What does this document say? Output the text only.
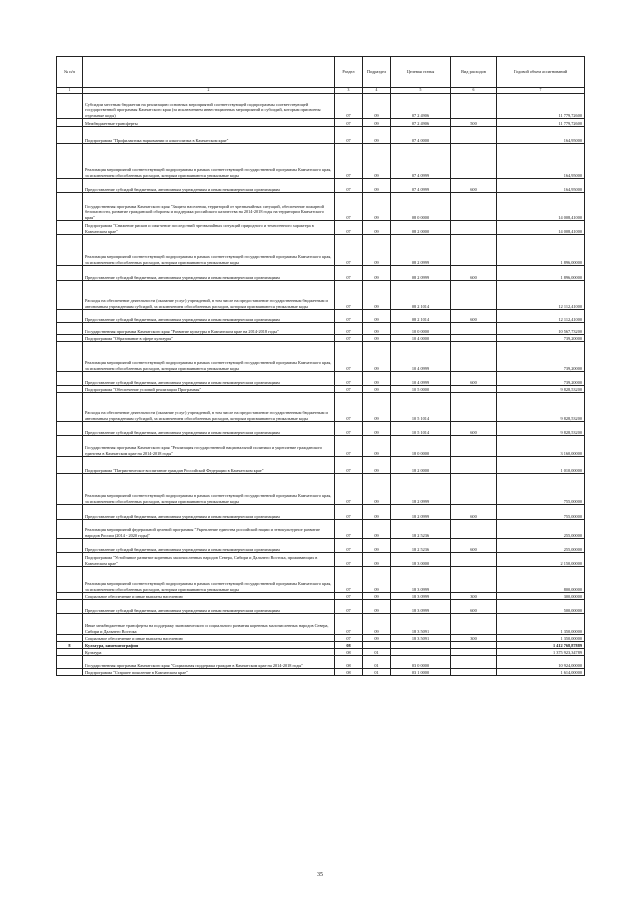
№ п/п		Раздел	Подраздел	Целевая статья	Вид расходов	Годовой объем ассигнований
1	2	3	4	5	6	7
	Субсидии местным бюджетам на реализацию основных мероприятий соответствующей подпрограммы соответствующей государственной программы Камчатского края (за исключением инвестиционных мероприятий и субсидий, которым присвоены отдельные коды)	07	09	07 2 4906		11 779,72600
	Межбюджетные трансферты	07	09	07 2 4906	500	11 779,72600
	Подпрограмма "Профилактика наркомании и алкоголизма в Камчатском крае"	07	09	07 4 0000		164,95000
	Реализация мероприятий соответствующей подпрограммы в рамках соответствующей государственной программы Камчатского края, за исключением обособленных расходов, которым присваиваются уникальные коды	07	09	07 4 0999		164,95000
	Предоставление субсидий бюджетным, автономным учреждениям и иным некоммерческим организациям	07	09	07 4 0999	600	164,95000
	Государственная программа Камчатского края "Защита населения, территорий от чрезвычайных ситуаций, обеспечение пожарной безопасности, развитие гражданской обороны и поддержка российского казачества на 2014-2018 годы на территории Камчатского края"	07	09	08 0 0000		14 008,41000
	Подпрограмма "Снижение рисков и смягчение последствий чрезвычайных ситуаций природного и техногенного характера в Камчатском крае"	07	09	08 2 0000		14 008,41000
	Реализация мероприятий соответствующей подпрограммы в рамках соответствующей государственной программы Камчатского края, за исключением обособленных расходов, которым присваиваются уникальные коды	07	09	08 2 0999		1 896,00000
	Предоставление субсидий бюджетным, автономным учреждениям и иным некоммерческим организациям	07	09	08 2 0999	600	1 896,00000
	Расходы на обеспечение деятельности (оказание услуг) учреждений, в том числе на предоставление государственным бюджетным и автономным учреждениям субсидий, за исключением обособленных расходов, которым присваиваются уникальные коды	07	09	08 2 1014		12 112,41000
	Предоставление субсидий бюджетным, автономным учреждениям и иным некоммерческим организациям	07	09	08 2 1014	600	12 112,41000
	Государственная программа Камчатского края "Развитие культуры в Камчатском крае на 2014-2018 годы"	07	09	10 0 0000		10 567,73200
	Подпрограмма "Образование в сфере культуры"	07	09	10 4 0000		739,20000
	Реализация мероприятий соответствующей подпрограммы в рамках соответствующей государственной программы Камчатского края, за исключением обособленных расходов, которым присваиваются уникальные коды	07	09	10 4 0999		739,20000
	Предоставление субсидий бюджетным, автономным учреждениям и иным некоммерческим организациям	07	09	10 4 0999	600	739,20000
	Подпрограмма "Обеспечение условий реализации Программы"	07	09	10 5 0000		9 828,53200
	Расходы на обеспечение деятельности (оказание услуг) учреждений, в том числе на предоставление государственным бюджетным и автономным учреждениям субсидий, за исключением обособленных расходов, которым присваиваются уникальные коды	07	09	10 5 1014		9 828,53200
	Предоставление субсидий бюджетным, автономным учреждениям и иным некоммерческим организациям	07	09	10 5 1014	600	9 828,53200
	Государственная программа Камчатского края "Реализация государственной национальной политики и укрепление гражданского единства в Камчатском крае на 2014-2018 годы"	07	09	18 0 0000		3 160,00000
	Подпрограмма "Патриотическое воспитание граждан Российской Федерации в Камчатском крае"	07	09	18 2 0000		1 010,00000
	Реализация мероприятий соответствующей подпрограммы в рамках соответствующей государственной программы Камчатского края, за исключением обособленных расходов, которым присваиваются уникальные коды	07	09	18 2 0999		755,00000
	Предоставление субсидий бюджетным, автономным учреждениям и иным некоммерческим организациям	07	09	18 2 0999	600	755,00000
	Реализация мероприятий федеральной целевой программы "Укрепление единства российской нации и этнокультурное развитие народов России (2014 - 2020 годы)"	07	09	18 2 5236		255,00000
	Предоставление субсидий бюджетным, автономным учреждениям и иным некоммерческим организациям	07	09	18 2 5236	600	255,00000
	Подпрограмма "Устойчивое развитие коренных малочисленных народов Севера, Сибири и Дальнего Востока, проживающих в Камчатском крае"	07	09	18 3 0000		2 150,00000
	Реализация мероприятий соответствующей подпрограммы в рамках соответствующей государственной программы Камчатского края, за исключением обособленных расходов, которым присваиваются уникальные коды	07	09	18 3 0999		800,00000
	Социальное обеспечение и иные выплаты населению	07	09	18 3 0999	300	300,00000
	Предоставление субсидий бюджетным, автономным учреждениям и иным некоммерческим организациям	07	09	18 3 0999	600	500,00000
	Иные межбюджетные трансферты на поддержку экономического и социального развития коренных малочисленных народов Севера, Сибири и Дальнего Востока	07	09	18 3 5091		1 350,00000
	Социальное обеспечение и иные выплаты населению	07	09	18 3 5091	300	1 350,00000
8	Культура, кинематография	08				1 412 768,87889
	Культура	08	01			1 375 923,34789
	Государственная программа Камчатского края "Социальная поддержка граждан в Камчатском крае на 2014-2018 годы"	08	01	03 0 0000		10 924,00000
	Подпрограмма "Старшее поколение в Камчатском крае"	08	01	03 1 0000		1 614,00000
35
